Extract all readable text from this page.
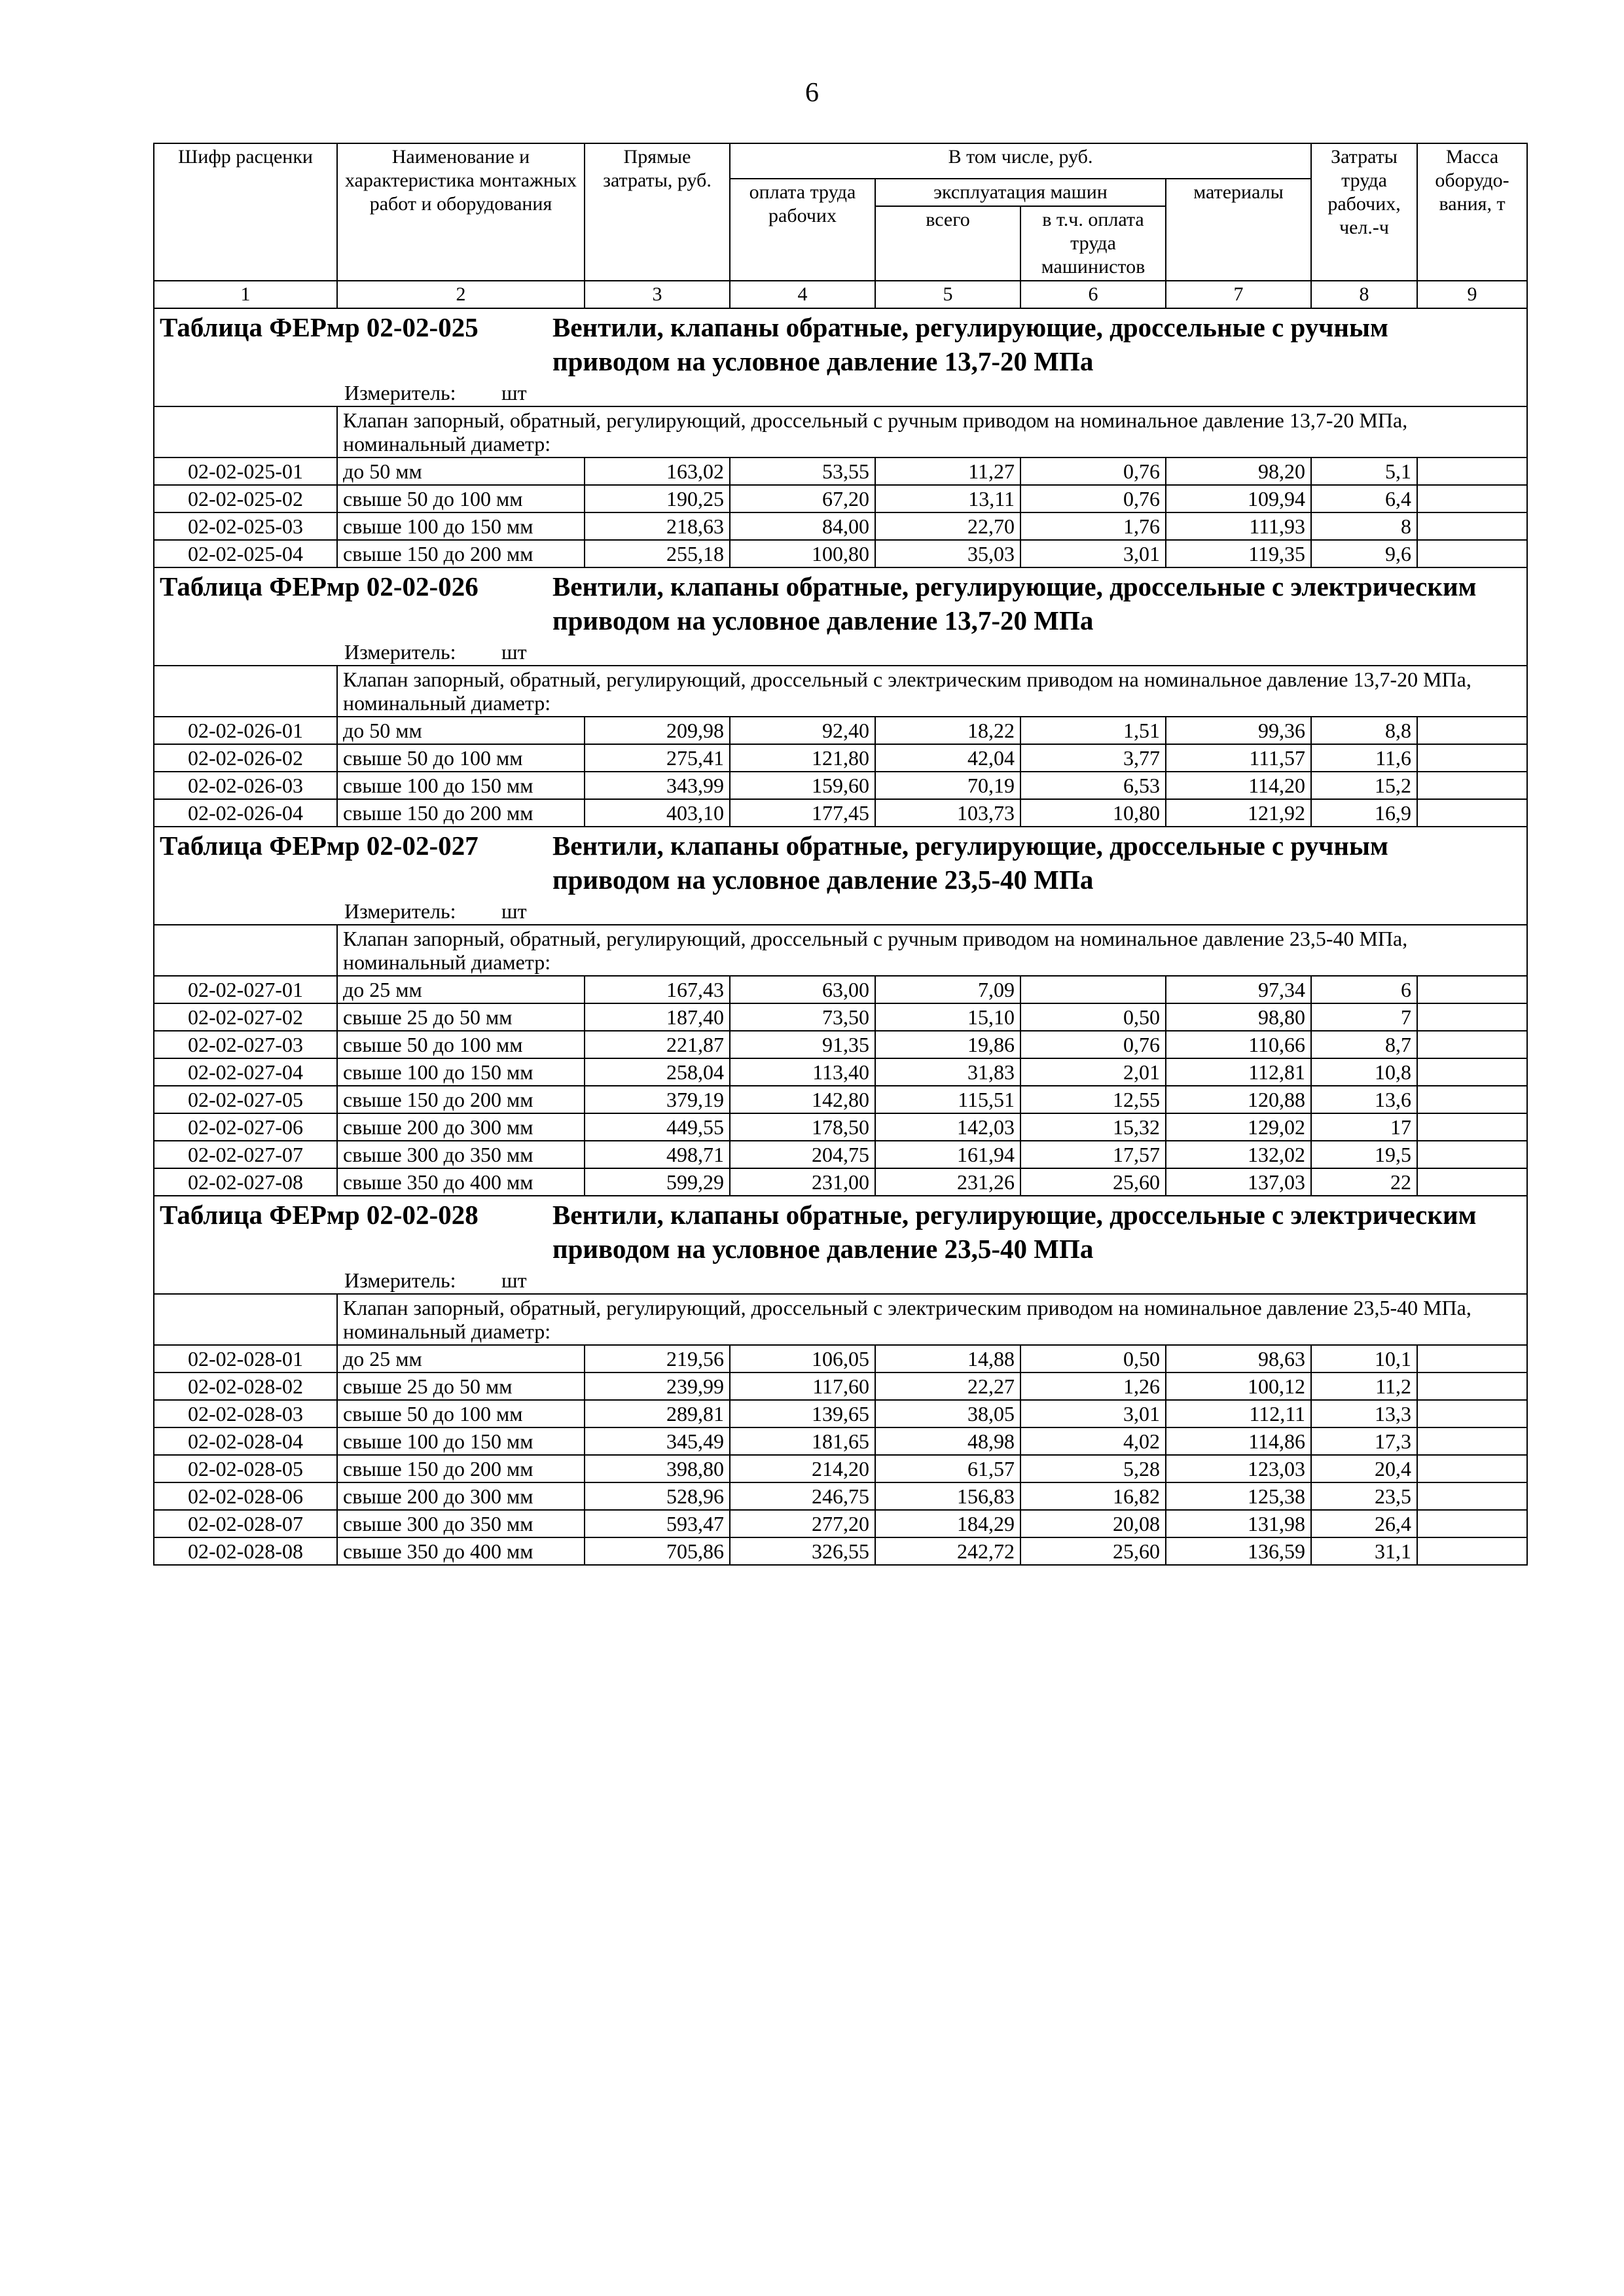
6
Шифр расценки	Наименование и характеристика монтажных работ и оборудования	Прямые затраты, руб.	В том числе, руб.				Затраты труда рабочих, чел.-ч	Масса оборудо-вания, т
			оплата труда рабочих	эксплуатация машин		материалы		
				всего	в т.ч. оплата труда машинистов			
1	2	3	4	5	6	7	8	9

Таблица ФЕРмр 02-02-025 Вентили, клапаны обратные, регулирующие, дроссельные с ручным приводом на условное давление 13,7-20 МПа								

Измеритель: шт								
	Клапан запорный, обратный, регулирующий, дроссельный с ручным приводом на номинальное давление 13,7-20 МПа, номинальный диаметр:							
02-02-025-01	до 50 мм	163,02	53,55	11,27	0,76	98,20	5,1	
02-02-025-02	свыше 50 до 100 мм	190,25	67,20	13,11	0,76	109,94	6,4	
02-02-025-03	свыше 100 до 150 мм	218,63	84,00	22,70	1,76	111,93	8	
02-02-025-04	свыше 150 до 200 мм	255,18	100,80	35,03	3,01	119,35	9,6	

Таблица ФЕРмр 02-02-026 Вентили, клапаны обратные, регулирующие, дроссельные с электрическим приводом на условное давление 13,7-20 МПа								

Измеритель: шт								
	Клапан запорный, обратный, регулирующий, дроссельный с электрическим приводом на номинальное давление 13,7-20 МПа, номинальный диаметр:							
02-02-026-01	до 50 мм	209,98	92,40	18,22	1,51	99,36	8,8	
02-02-026-02	свыше 50 до 100 мм	275,41	121,80	42,04	3,77	111,57	11,6	
02-02-026-03	свыше 100 до 150 мм	343,99	159,60	70,19	6,53	114,20	15,2	
02-02-026-04	свыше 150 до 200 мм	403,10	177,45	103,73	10,80	121,92	16,9	

Таблица ФЕРмр 02-02-027 Вентили, клапаны обратные, регулирующие, дроссельные с ручным приводом на условное давление 23,5-40 МПа								

Измеритель: шт								
	Клапан запорный, обратный, регулирующий, дроссельный с ручным приводом на номинальное давление 23,5-40 МПа, номинальный диаметр:							
02-02-027-01	до 25 мм	167,43	63,00	7,09		97,34	6	
02-02-027-02	свыше 25 до 50 мм	187,40	73,50	15,10	0,50	98,80	7	
02-02-027-03	свыше 50 до 100 мм	221,87	91,35	19,86	0,76	110,66	8,7	
02-02-027-04	свыше 100 до 150 мм	258,04	113,40	31,83	2,01	112,81	10,8	
02-02-027-05	свыше 150 до 200 мм	379,19	142,80	115,51	12,55	120,88	13,6	
02-02-027-06	свыше 200 до 300 мм	449,55	178,50	142,03	15,32	129,02	17	
02-02-027-07	свыше 300 до 350 мм	498,71	204,75	161,94	17,57	132,02	19,5	
02-02-027-08	свыше 350 до 400 мм	599,29	231,00	231,26	25,60	137,03	22	

Таблица ФЕРмр 02-02-028 Вентили, клапаны обратные, регулирующие, дроссельные с электрическим приводом на условное давление 23,5-40 МПа								

Измеритель: шт								
	Клапан запорный, обратный, регулирующий, дроссельный с электрическим приводом на номинальное давление 23,5-40 МПа, номинальный диаметр:							
02-02-028-01	до 25 мм	219,56	106,05	14,88	0,50	98,63	10,1	
02-02-028-02	свыше 25 до 50 мм	239,99	117,60	22,27	1,26	100,12	11,2	
02-02-028-03	свыше 50 до 100 мм	289,81	139,65	38,05	3,01	112,11	13,3	
02-02-028-04	свыше 100 до 150 мм	345,49	181,65	48,98	4,02	114,86	17,3	
02-02-028-05	свыше 150 до 200 мм	398,80	214,20	61,57	5,28	123,03	20,4	
02-02-028-06	свыше 200 до 300 мм	528,96	246,75	156,83	16,82	125,38	23,5	
02-02-028-07	свыше 300 до 350 мм	593,47	277,20	184,29	20,08	131,98	26,4	
02-02-028-08	свыше 350 до 400 мм	705,86	326,55	242,72	25,60	136,59	31,1	
